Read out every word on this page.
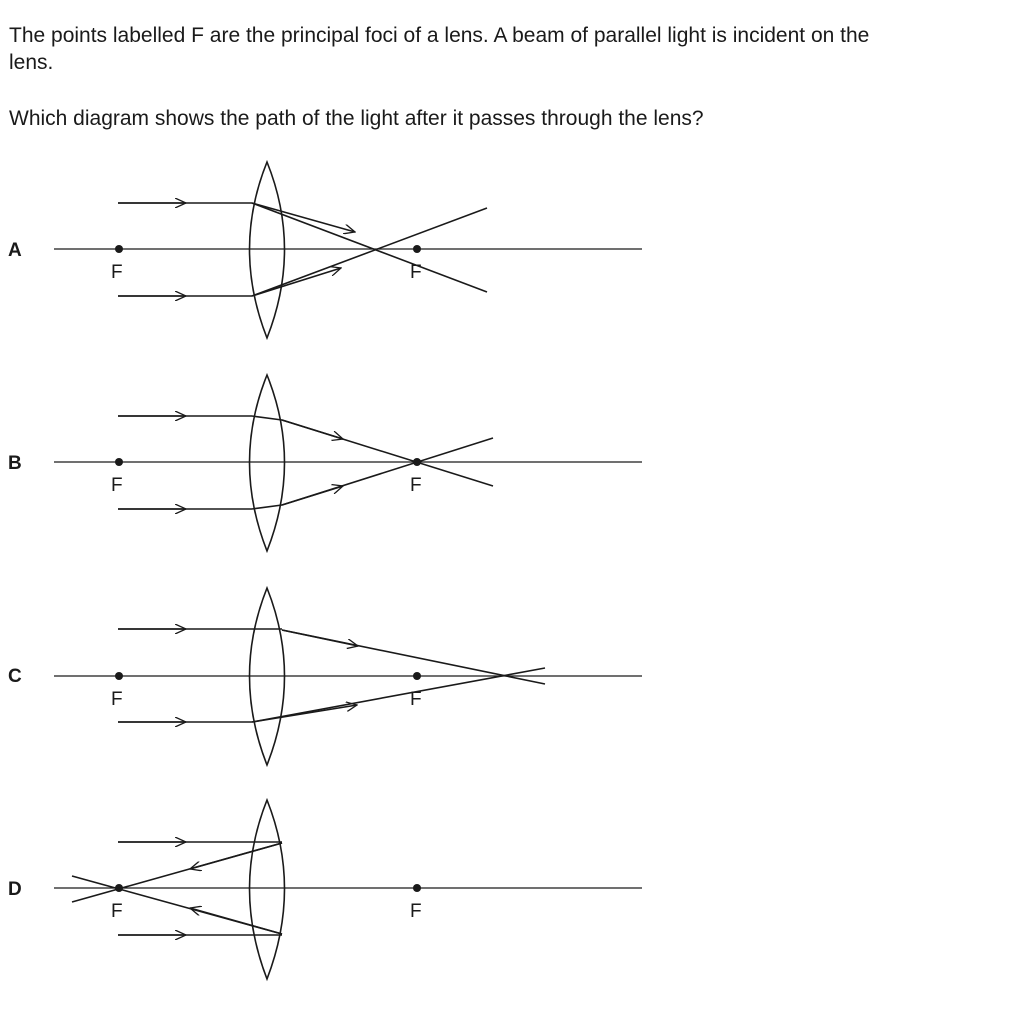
The points labelled F are the principal foci of a lens. A beam of parallel light is incident on the
lens.
Which diagram shows the path of the light after it passes through the lens?
A
B
C
D
F	F
F	F
F	F
F	F
